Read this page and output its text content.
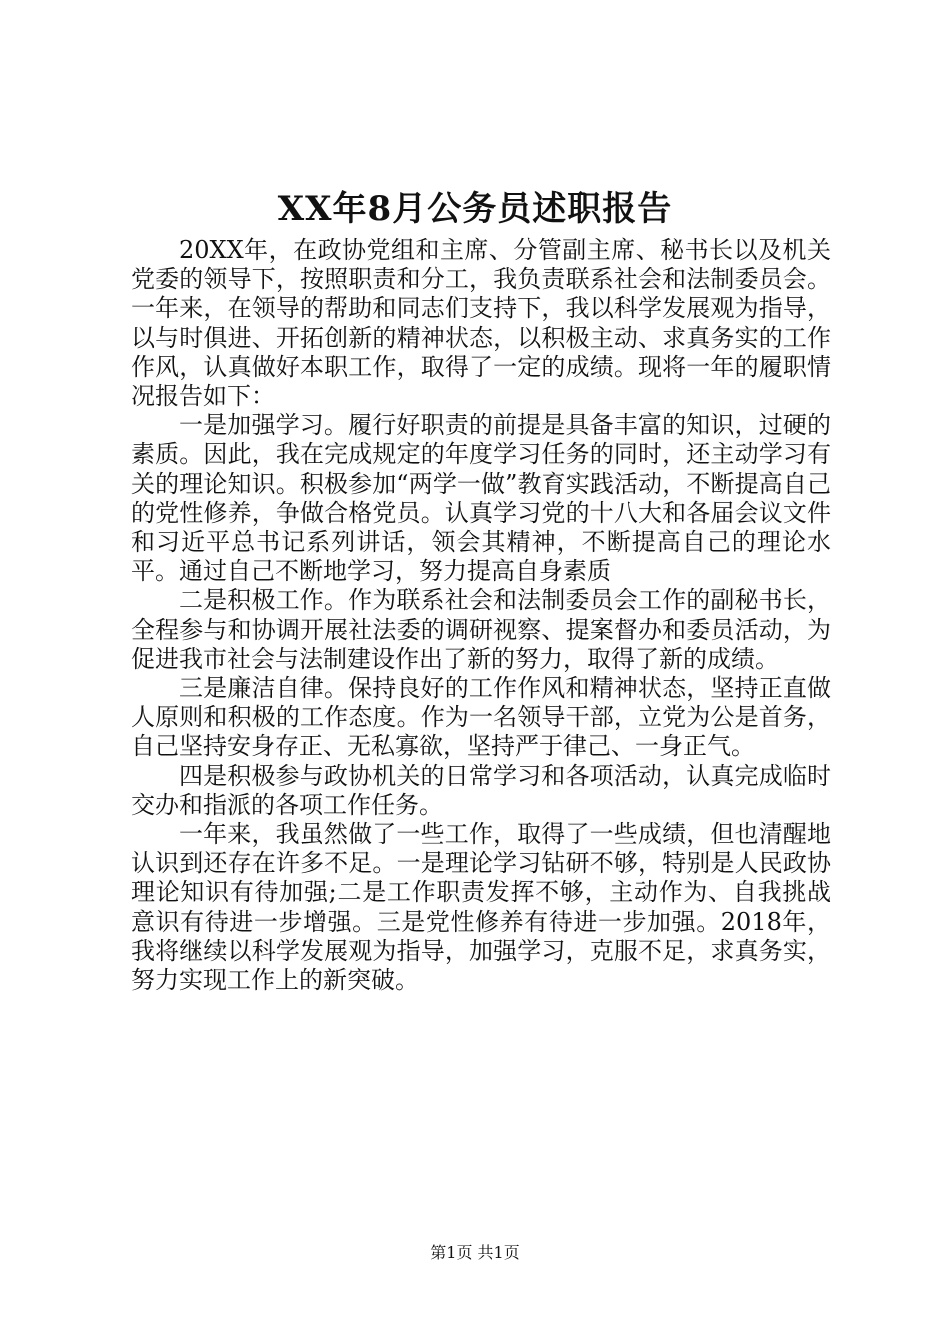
XX年8月公务员述职报告

20XX年，在政协党组和主席、分管副主席、秘书长以及机关党委的领导下，按照职责和分工，我负责联系社会和法制委员会。一年来，在领导的帮助和同志们支持下，我以科学发展观为指导，以与时俱进、开拓创新的精神状态，以积极主动、求真务实的工作作风，认真做好本职工作，取得了一定的成绩。现将一年的履职情况报告如下：

一是加强学习。履行好职责的前提是具备丰富的知识，过硬的素质。因此，我在完成规定的年度学习任务的同时，还主动学习有关的理论知识。积极参加“两学一做”教育实践活动，不断提高自己的党性修养，争做合格党员。认真学习党的十八大和各届会议文件和习近平总书记系列讲话，领会其精神，不断提高自己的理论水平。通过自己不断地学习，努力提高自身素质

二是积极工作。作为联系社会和法制委员会工作的副秘书长，全程参与和协调开展社法委的调研视察、提案督办和委员活动，为促进我市社会与法制建设作出了新的努力，取得了新的成绩。

三是廉洁自律。保持良好的工作作风和精神状态，坚持正直做人原则和积极的工作态度。作为一名领导干部，立党为公是首务，自己坚持安身存正、无私寡欲，坚持严于律己、一身正气。

四是积极参与政协机关的日常学习和各项活动，认真完成临时交办和指派的各项工作任务。

一年来，我虽然做了一些工作，取得了一些成绩，但也清醒地认识到还存在许多不足。一是理论学习钻研不够，特别是人民政协理论知识有待加强;二是工作职责发挥不够，主动作为、自我挑战意识有待进一步增强。三是党性修养有待进一步加强。2018年，我将继续以科学发展观为指导，加强学习，克服不足，求真务实，努力实现工作上的新突破。

第1页 共1页
